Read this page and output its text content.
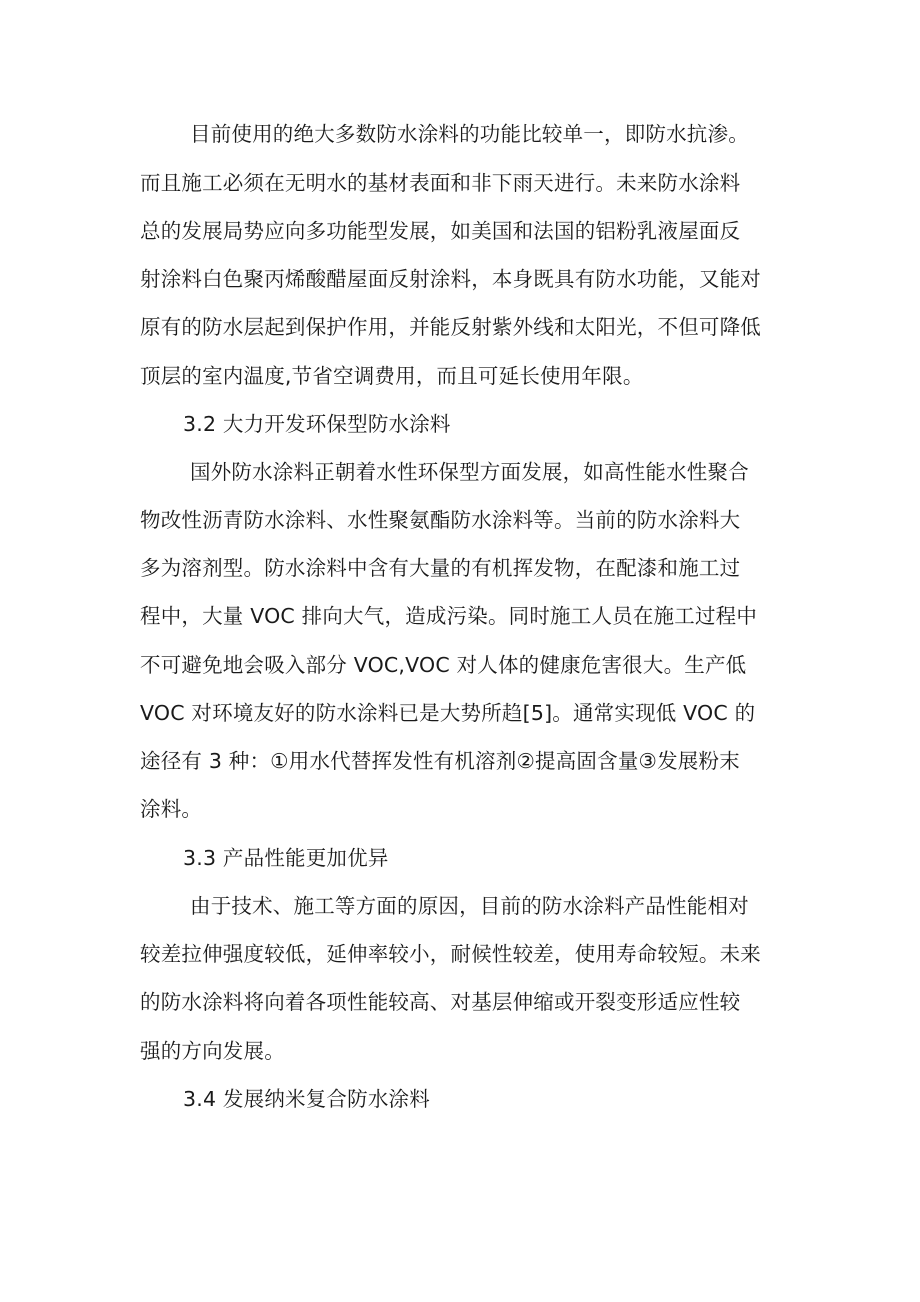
目前使用的绝大多数防水涂料的功能比较单一，即防水抗渗。
而且施工必须在无明水的基材表面和非下雨天进行。未来防水涂料
总的发展局势应向多功能型发展，如美国和法国的铝粉乳液屋面反
射涂料白色聚丙烯酸醋屋面反射涂料，本身既具有防水功能，又能对
原有的防水层起到保护作用，并能反射紫外线和太阳光，不但可降低
顶层的室内温度,节省空调费用，而且可延长使用年限。
3.2 大力开发环保型防水涂料
国外防水涂料正朝着水性环保型方面发展，如高性能水性聚合
物改性沥青防水涂料、水性聚氨酯防水涂料等。当前的防水涂料大
多为溶剂型。防水涂料中含有大量的有机挥发物，在配漆和施工过
程中，大量 VOC 排向大气，造成污染。同时施工人员在施工过程中
不可避免地会吸入部分 VOC,VOC 对人体的健康危害很大。生产低
VOC 对环境友好的防水涂料已是大势所趋[5]。通常实现低 VOC 的
途径有 3 种：①用水代替挥发性有机溶剂②提高固含量③发展粉末
涂料。
3.3 产品性能更加优异
由于技术、施工等方面的原因，目前的防水涂料产品性能相对
较差拉伸强度较低，延伸率较小，耐候性较差，使用寿命较短。未来
的防水涂料将向着各项性能较高、对基层伸缩或开裂变形适应性较
强的方向发展。
3.4 发展纳米复合防水涂料
